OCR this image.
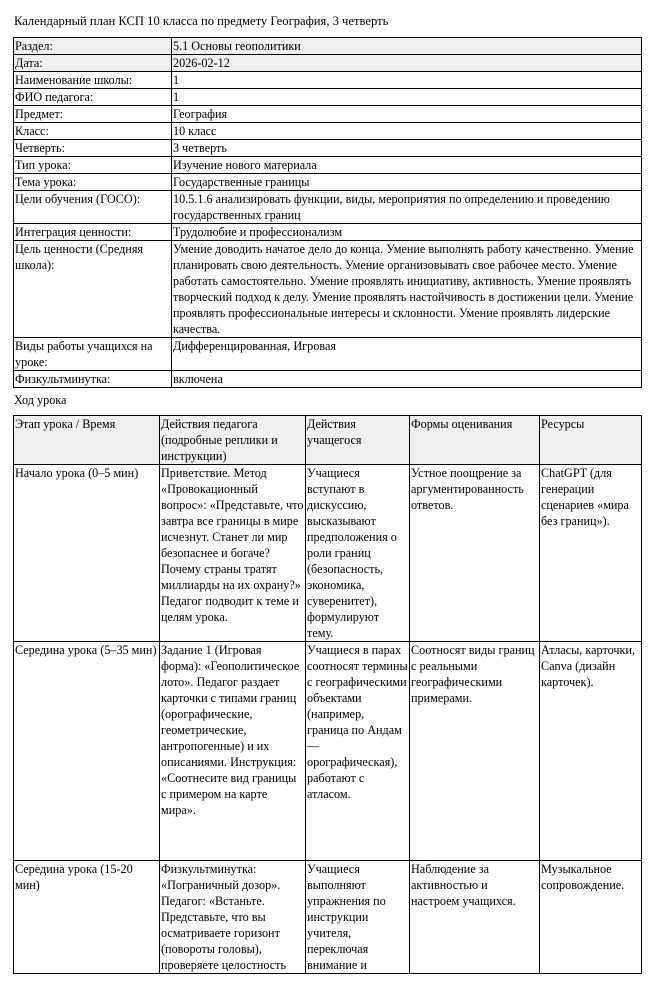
Календарный план КСП 10 класса по предмету География, 3 четверть
Раздел:	5.1 Основы геополитики
Дата:	2026-02-12
Наименование школы:	1
ФИО педагога:	1
Предмет:	География
Класс:	10 класс
Четверть:	3 четверть
Тип урока:	Изучение нового материала
Тема урока:	Государственные границы
Цели обучения (ГОСО):	10.5.1.6 анализировать функции, виды, мероприятия по определению и проведению государственных границ
Интеграция ценности:	Трудолюбие и профессионализм
Цель ценности (Средняя школа):	Умение доводить начатое дело до конца. Умение выполнять работу качественно. Умение планировать свою деятельность. Умение организовывать свое рабочее место. Умение работать самостоятельно. Умение проявлять инициативу, активность. Умение проявлять творческий подход к делу. Умение проявлять настойчивость в достижении цели. Умение проявлять профессиональные интересы и склонности. Умение проявлять лидерские качества.
Виды работы учащихся на уроке:	Дифференцированная, Игровая
Физкультминутка:	включена
Ход урока
Этап урока / Время	Действия педагога (подробные реплики и инструкции)	Действия учащегося	Формы оценивания	Ресурсы
Начало урока (0–5 мин)	Приветствие. Метод «Провокационный вопрос»: «Представьте, что завтра все границы в мире исчезнут. Станет ли мир безопаснее и богаче? Почему страны тратят миллиарды на их охрану?» Педагог подводит к теме и целям урока.	Учащиеся вступают в дискуссию, высказывают предположения о роли границ (безопасность, экономика, суверенитет), формулируют тему.	Устное поощрение за аргументированность ответов.	ChatGPT (для генерации сценариев «мира без границ»).
Середина урока (5–35 мин)	Задание 1 (Игровая форма): «Геополитическое лото». Педагог раздает карточки с типами границ (орографические, геометрические, антропогенные) и их описаниями. Инструкция: «Соотнесите вид границы с примером на карте мира».	Учащиеся в парах соотносят термины с географическими объектами (например, граница по Андам — орографическая), работают с атласом.	Соотносят виды границ с реальными географическими примерами.	Атласы, карточки, Canva (дизайн карточек).
Середина урока (15-20 мин)	Физкультминутка: «Пограничный дозор». Педагог: «Встаньте. Представьте, что вы осматриваете горизонт (повороты головы), проверяете целостность	Учащиеся выполняют упражнения по инструкции учителя, переключая внимание и	Наблюдение за активностью и настроем учащихся.	Музыкальное сопровождение.
